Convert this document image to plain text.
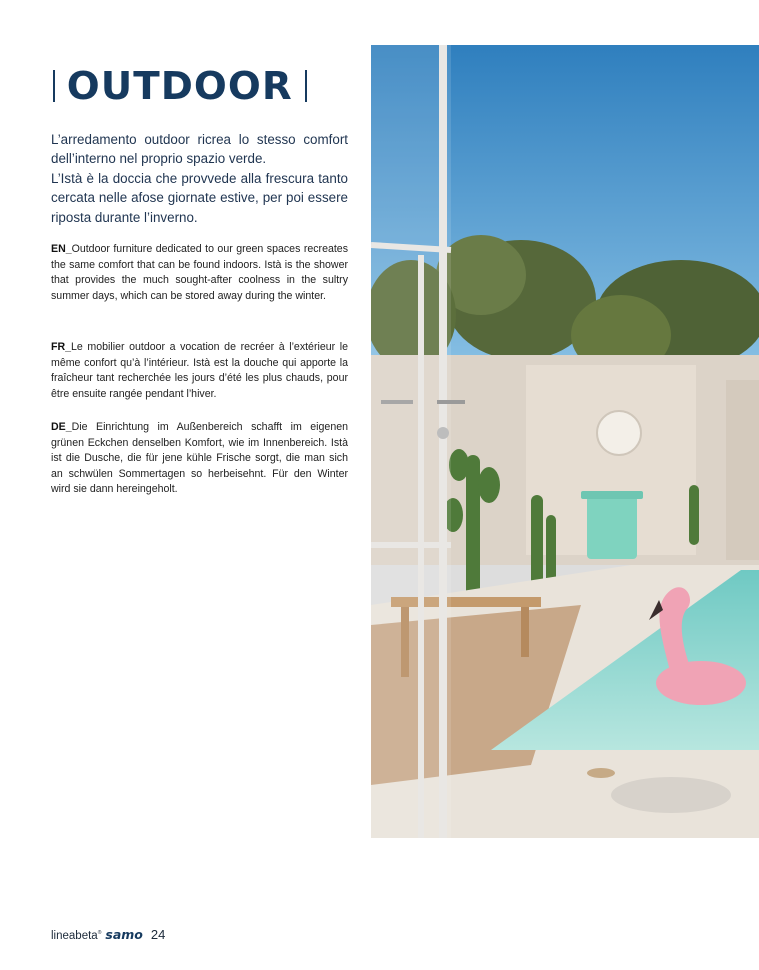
OUTDOOR

L’arredamento outdoor ricrea lo stesso comfort dell’interno nel proprio spazio verde.

L’Istà è la doccia che provvede alla frescura tanto cercata nelle afose giornate estive, per poi essere riposta durante l’inverno.

EN_Outdoor furniture dedicated to our green spaces recreates the same comfort that can be found indoors. Istà is the shower that provides the much sought-after coolness in the sultry summer days, which can be stored away during the winter.

FR_Le mobilier outdoor a vocation de recréer à l’extérieur le même confort qu’à l’intérieur. Istà est la douche qui apporte la fraîcheur tant recherchée les jours d’été les plus chauds, pour être ensuite rangée pendant l’hiver.

DE_Die Einrichtung im Außenbereich schafft im eigenen grünen Eckchen denselben Komfort, wie im Innenbereich. Istà ist die Dusche, die für jene kühle Frische sorgt, die man sich an schwülen Sommertagen so herbeisehnt. Für den Winter wird sie dann hereingeholt.

lineabeta® samo 24
